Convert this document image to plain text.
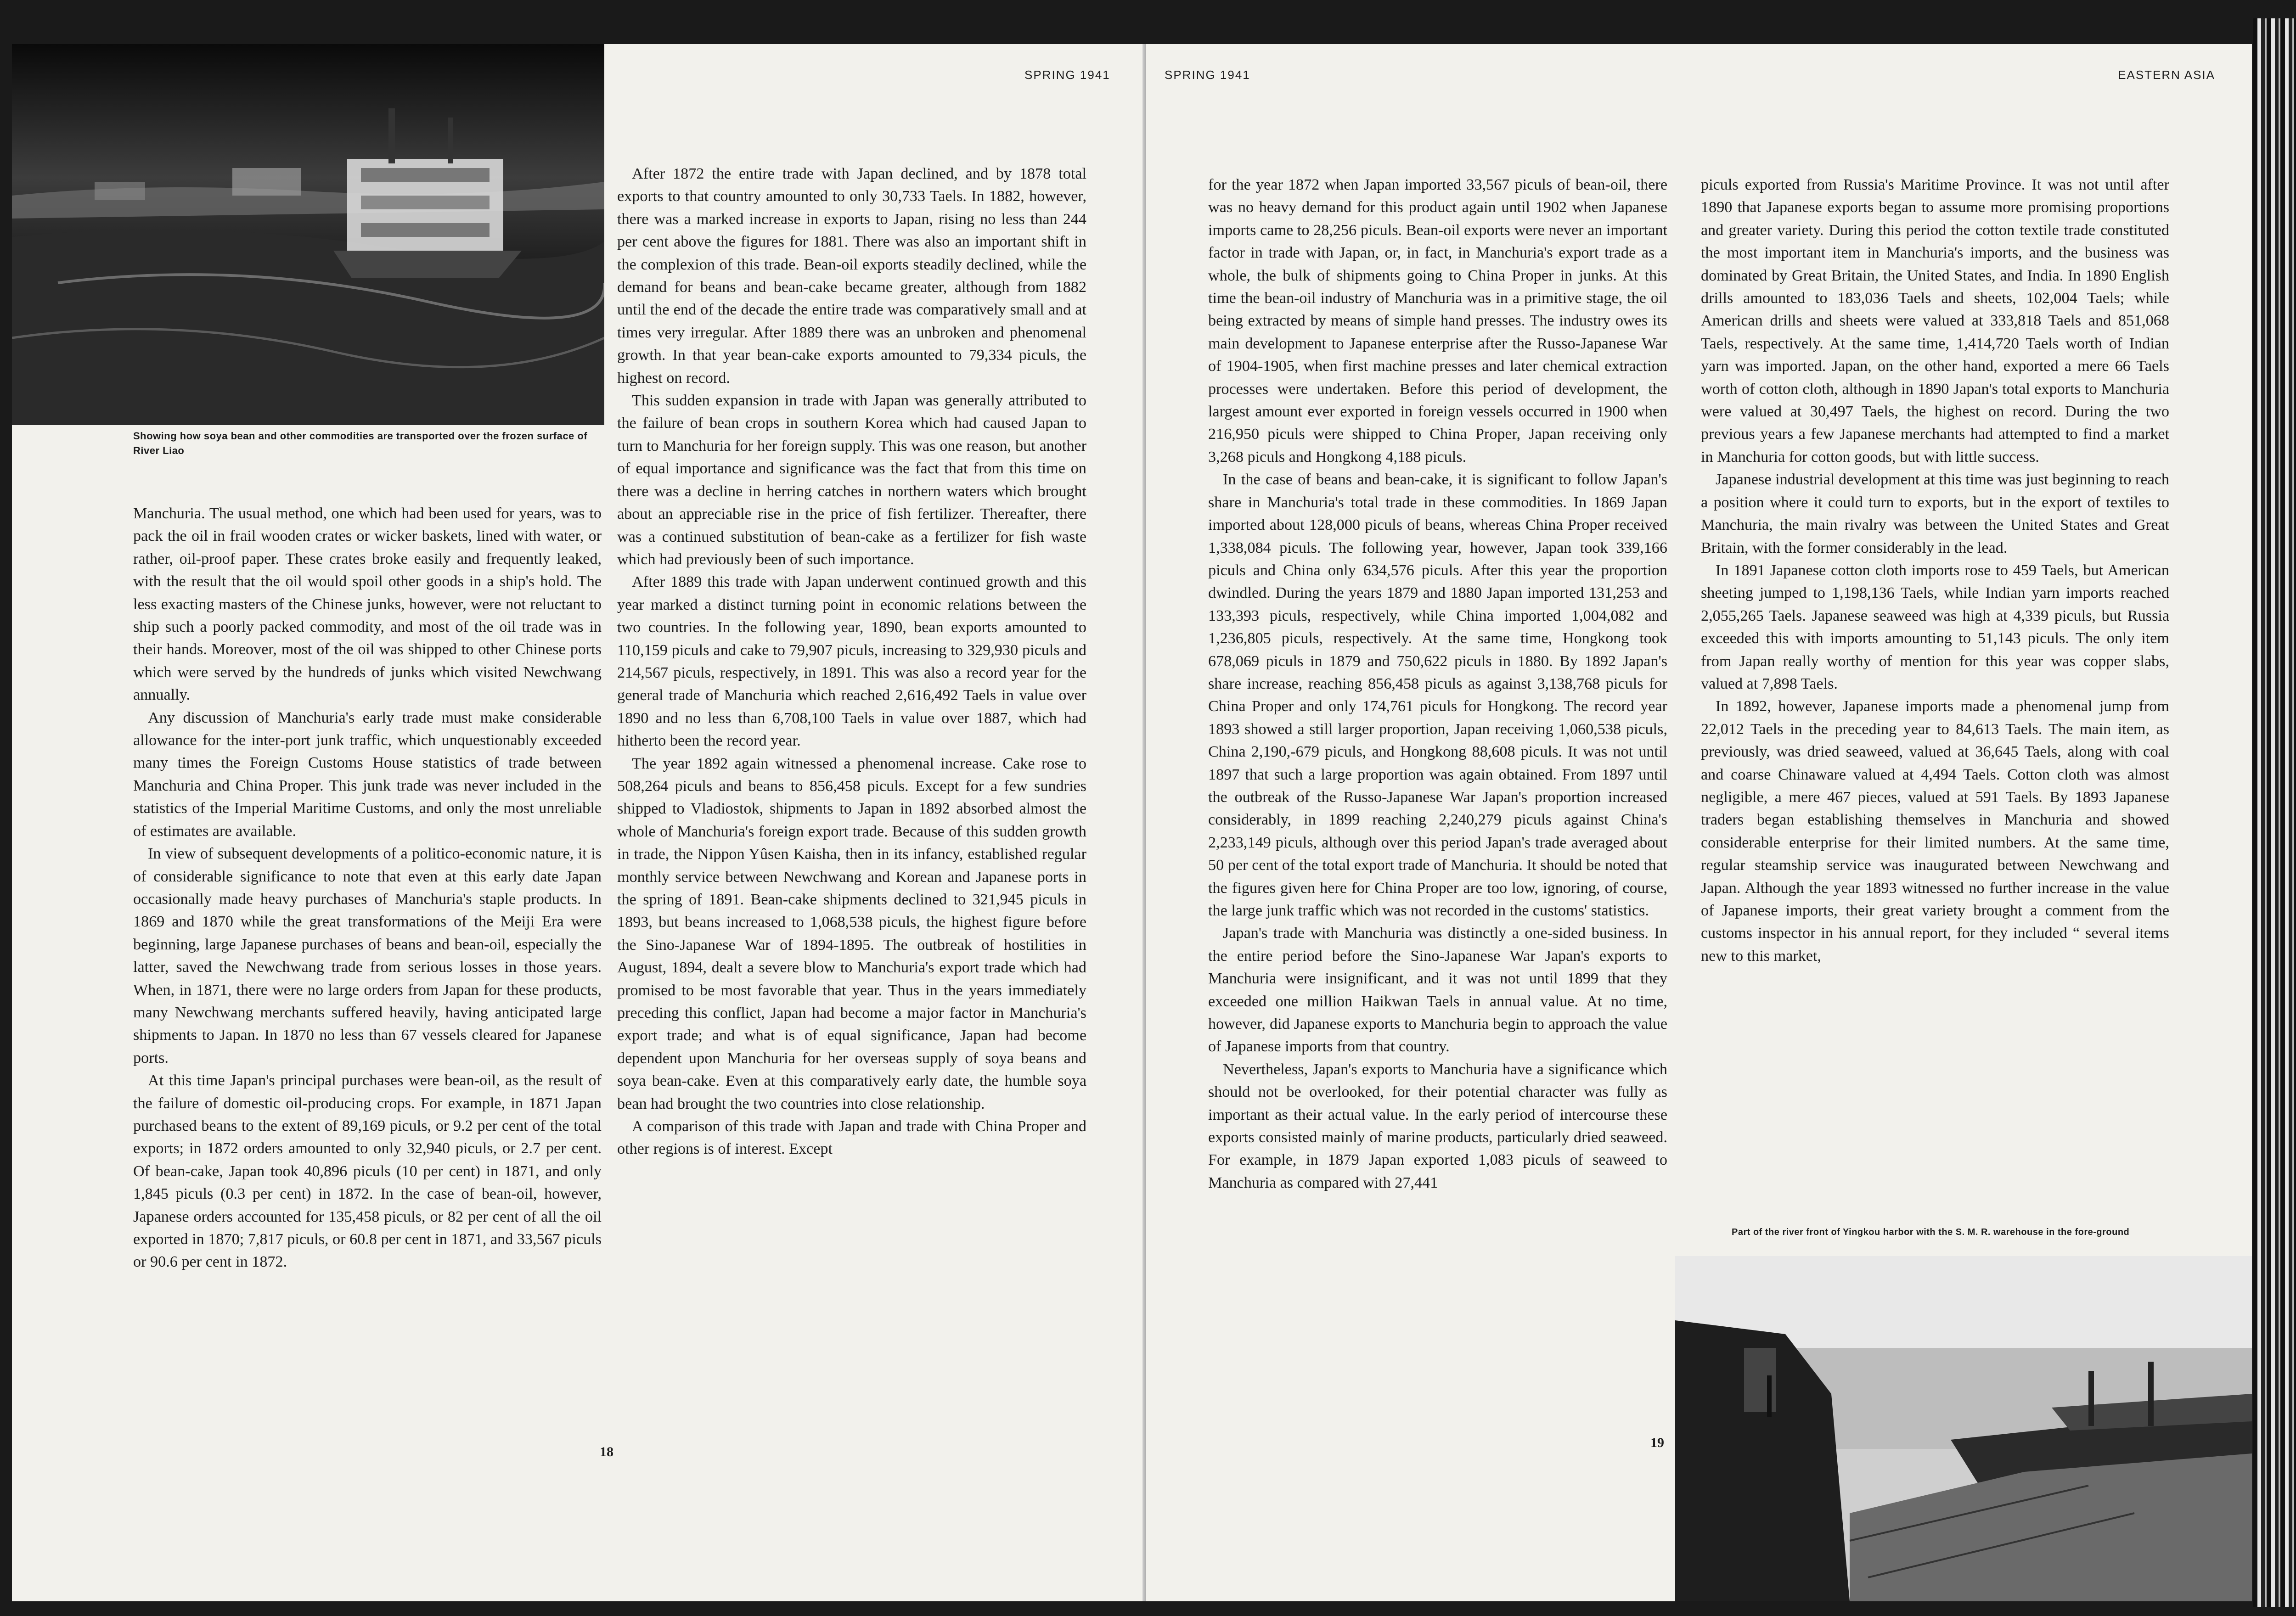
SPRING 1941
Showing how soya bean and other commodities are transported over the frozen surface of River Liao

Manchuria. The usual method, one which had been used for years, was to pack the oil in frail wooden crates or wicker baskets, lined with water, or rather, oil-proof paper. These crates broke easily and frequently leaked, with the result that the oil would spoil other goods in a ship's hold. The less exacting masters of the Chinese junks, however, were not reluctant to ship such a poorly packed commodity, and most of the oil trade was in their hands. Moreover, most of the oil was shipped to other Chinese ports which were served by the hundreds of junks which visited Newchwang annually.

Any discussion of Manchuria's early trade must make considerable allowance for the inter-port junk traffic, which unquestionably exceeded many times the Foreign Customs House statistics of trade between Manchuria and China Proper. This junk trade was never included in the statistics of the Imperial Maritime Customs, and only the most unreliable of estimates are available.

In view of subsequent developments of a politico-economic nature, it is of considerable significance to note that even at this early date Japan occasionally made heavy purchases of Manchuria's staple products. In 1869 and 1870 while the great transformations of the Meiji Era were beginning, large Japanese purchases of beans and bean-oil, especially the latter, saved the Newchwang trade from serious losses in those years. When, in 1871, there were no large orders from Japan for these products, many Newchwang merchants suffered heavily, having anticipated large shipments to Japan. In 1870 no less than 67 vessels cleared for Japanese ports.

At this time Japan's principal purchases were bean-oil, as the result of the failure of domestic oil-producing crops. For example, in 1871 Japan purchased beans to the extent of 89,169 piculs, or 9.2 per cent of the total exports; in 1872 orders amounted to only 32,940 piculs, or 2.7 per cent. Of bean-cake, Japan took 40,896 piculs (10 per cent) in 1871, and only 1,845 piculs (0.3 per cent) in 1872. In the case of bean-oil, however, Japanese orders accounted for 135,458 piculs, or 82 per cent of all the oil exported in 1870; 7,817 piculs, or 60.8 per cent in 1871, and 33,567 piculs or 90.6 per cent in 1872.

After 1872 the entire trade with Japan declined, and by 1878 total exports to that country amounted to only 30,733 Taels. In 1882, however, there was a marked increase in exports to Japan, rising no less than 244 per cent above the figures for 1881. There was also an important shift in the complexion of this trade. Bean-oil exports steadily declined, while the demand for beans and bean-cake became greater, although from 1882 until the end of the decade the entire trade was comparatively small and at times very irregular. After 1889 there was an unbroken and phenomenal growth. In that year bean-cake exports amounted to 79,334 piculs, the highest on record.

This sudden expansion in trade with Japan was generally attributed to the failure of bean crops in southern Korea which had caused Japan to turn to Manchuria for her foreign supply. This was one reason, but another of equal importance and significance was the fact that from this time on there was a decline in herring catches in northern waters which brought about an appreciable rise in the price of fish fertilizer. Thereafter, there was a continued substitution of bean-cake as a fertilizer for fish waste which had previously been of such importance.

After 1889 this trade with Japan underwent continued growth and this year marked a distinct turning point in economic relations between the two countries. In the following year, 1890, bean exports amounted to 110,159 piculs and cake to 79,907 piculs, increasing to 329,930 piculs and 214,567 piculs, respectively, in 1891. This was also a record year for the general trade of Manchuria which reached 2,616,492 Taels in value over 1890 and no less than 6,708,100 Taels in value over 1887, which had hitherto been the record year.

The year 1892 again witnessed a phenomenal increase. Cake rose to 508,264 piculs and beans to 856,458 piculs. Except for a few sundries shipped to Vladiostok, shipments to Japan in 1892 absorbed almost the whole of Manchuria's foreign export trade. Because of this sudden growth in trade, the Nippon Yûsen Kaisha, then in its infancy, established regular monthly service between Newchwang and Korean and Japanese ports in the spring of 1891. Bean-cake shipments declined to 321,945 piculs in 1893, but beans increased to 1,068,538 piculs, the highest figure before the Sino-Japanese War of 1894-1895. The outbreak of hostilities in August, 1894, dealt a severe blow to Manchuria's export trade which had promised to be most favorable that year. Thus in the years immediately preceding this conflict, Japan had become a major factor in Manchuria's export trade; and what is of equal significance, Japan had become dependent upon Manchuria for her overseas supply of soya beans and soya bean-cake. Even at this comparatively early date, the humble soya bean had brought the two countries into close relationship.

A comparison of this trade with Japan and trade with China Proper and other regions is of interest. Except

18
SPRING 1941	EASTERN ASIA

for the year 1872 when Japan imported 33,567 piculs of bean-oil, there was no heavy demand for this product again until 1902 when Japanese imports came to 28,256 piculs. Bean-oil exports were never an important factor in trade with Japan, or, in fact, in Manchuria's export trade as a whole, the bulk of shipments going to China Proper in junks. At this time the bean-oil industry of Manchuria was in a primitive stage, the oil being extracted by means of simple hand presses. The industry owes its main development to Japanese enterprise after the Russo-Japanese War of 1904-1905, when first machine presses and later chemical extraction processes were undertaken. Before this period of development, the largest amount ever exported in foreign vessels occurred in 1900 when 216,950 piculs were shipped to China Proper, Japan receiving only 3,268 piculs and Hongkong 4,188 piculs.

In the case of beans and bean-cake, it is significant to follow Japan's share in Manchuria's total trade in these commodities. In 1869 Japan imported about 128,000 piculs of beans, whereas China Proper received 1,338,084 piculs. The following year, however, Japan took 339,166 piculs and China only 634,576 piculs. After this year the proportion dwindled. During the years 1879 and 1880 Japan imported 131,253 and 133,393 piculs, respectively, while China imported 1,004,082 and 1,236,805 piculs, respectively. At the same time, Hongkong took 678,069 piculs in 1879 and 750,622 piculs in 1880. By 1892 Japan's share increase, reaching 856,458 piculs as against 3,138,768 piculs for China Proper and only 174,761 piculs for Hongkong. The record year 1893 showed a still larger proportion, Japan receiving 1,060,538 piculs, China 2,190,-679 piculs, and Hongkong 88,608 piculs. It was not until 1897 that such a large proportion was again obtained. From 1897 until the outbreak of the Russo-Japanese War Japan's proportion increased considerably, in 1899 reaching 2,240,279 piculs against China's 2,233,149 piculs, although over this period Japan's trade averaged about 50 per cent of the total export trade of Manchuria. It should be noted that the figures given here for China Proper are too low, ignoring, of course, the large junk traffic which was not recorded in the customs' statistics.

Japan's trade with Manchuria was distinctly a one-sided business. In the entire period before the Sino-Japanese War Japan's exports to Manchuria were insignificant, and it was not until 1899 that they exceeded one million Haikwan Taels in annual value. At no time, however, did Japanese exports to Manchuria begin to approach the value of Japanese imports from that country.

Nevertheless, Japan's exports to Manchuria have a significance which should not be overlooked, for their potential character was fully as important as their actual value. In the early period of intercourse these exports consisted mainly of marine products, particularly dried seaweed. For example, in 1879 Japan exported 1,083 piculs of seaweed to Manchuria as compared with 27,441

piculs exported from Russia's Maritime Province. It was not until after 1890 that Japanese exports began to assume more promising proportions and greater variety. During this period the cotton textile trade constituted the most important item in Manchuria's imports, and the business was dominated by Great Britain, the United States, and India. In 1890 English drills amounted to 183,036 Taels and sheets, 102,004 Taels; while American drills and sheets were valued at 333,818 Taels and 851,068 Taels, respectively. At the same time, 1,414,720 Taels worth of Indian yarn was imported. Japan, on the other hand, exported a mere 66 Taels worth of cotton cloth, although in 1890 Japan's total exports to Manchuria were valued at 30,497 Taels, the highest on record. During the two previous years a few Japanese merchants had attempted to find a market in Manchuria for cotton goods, but with little success.

Japanese industrial development at this time was just beginning to reach a position where it could turn to exports, but in the export of textiles to Manchuria, the main rivalry was between the United States and Great Britain, with the former considerably in the lead.

In 1891 Japanese cotton cloth imports rose to 459 Taels, but American sheeting jumped to 1,198,136 Taels, while Indian yarn imports reached 2,055,265 Taels. Japanese seaweed was high at 4,339 piculs, but Russia exceeded this with imports amounting to 51,143 piculs. The only item from Japan really worthy of mention for this year was copper slabs, valued at 7,898 Taels.

In 1892, however, Japanese imports made a phenomenal jump from 22,012 Taels in the preceding year to 84,613 Taels. The main item, as previously, was dried seaweed, valued at 36,645 Taels, along with coal and coarse Chinaware valued at 4,494 Taels. Cotton cloth was almost negligible, a mere 467 pieces, valued at 591 Taels. By 1893 Japanese traders began establishing themselves in Manchuria and showed considerable enterprise for their limited numbers. At the same time, regular steamship service was inaugurated between Newchwang and Japan. Although the year 1893 witnessed no further increase in the value of Japanese imports, their great variety brought a comment from the customs inspector in his annual report, for they included “ several items new to this market,

Part of the river front of Yingkou harbor with the S. M. R. warehouse in the fore-ground
19
